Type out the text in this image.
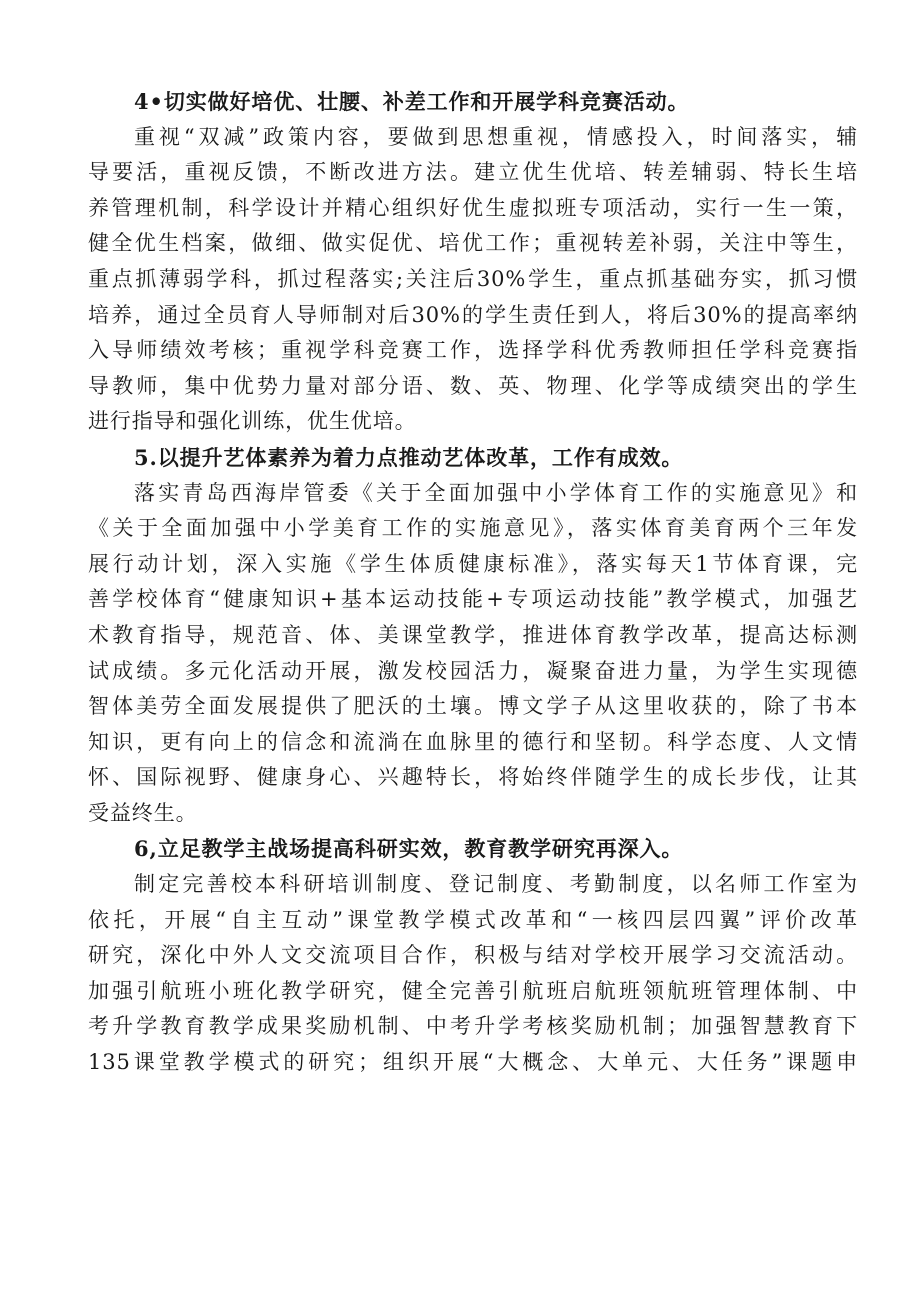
4•切实做好培优、壮腰、补差工作和开展学科竞赛活动。
重视“双减”政策内容，要做到思想重视，情感投入，时间落实，辅
导要活，重视反馈，不断改进方法。建立优生优培、转差辅弱、特长生培
养管理机制，科学设计并精心组织好优生虚拟班专项活动，实行一生一策，
健全优生档案，做细、做实促优、培优工作；重视转差补弱，关注中等生，
重点抓薄弱学科，抓过程落实;关注后30%学生，重点抓基础夯实，抓习惯
培养，通过全员育人导师制对后30%的学生责任到人，将后30%的提高率纳
入导师绩效考核；重视学科竞赛工作，选择学科优秀教师担任学科竞赛指
导教师，集中优势力量对部分语、数、英、物理、化学等成绩突出的学生
进行指导和强化训练，优生优培。
5.以提升艺体素养为着力点推动艺体改革，工作有成效。
落实青岛西海岸管委《关于全面加强中小学体育工作的实施意见》和
《关于全面加强中小学美育工作的实施意见》，落实体育美育两个三年发
展行动计划，深入实施《学生体质健康标准》，落实每天1节体育课，完
善学校体育“健康知识+基本运动技能+专项运动技能”教学模式，加强艺
术教育指导，规范音、体、美课堂教学，推进体育教学改革，提高达标测
试成绩。多元化活动开展，激发校园活力，凝聚奋进力量，为学生实现德
智体美劳全面发展提供了肥沃的土壤。博文学子从这里收获的，除了书本
知识，更有向上的信念和流淌在血脉里的德行和坚韧。科学态度、人文情
怀、国际视野、健康身心、兴趣特长，将始终伴随学生的成长步伐，让其
受益终生。
6,立足教学主战场提高科研实效，教育教学研究再深入。
制定完善校本科研培训制度、登记制度、考勤制度，以名师工作室为
依托，开展“自主互动”课堂教学模式改革和“一核四层四翼”评价改革
研究，深化中外人文交流项目合作，积极与结对学校开展学习交流活动。
加强引航班小班化教学研究，健全完善引航班启航班领航班管理体制、中
考升学教育教学成果奖励机制、中考升学考核奖励机制；加强智慧教育下
135课堂教学模式的研究；组织开展“大概念、大单元、大任务”课题申
